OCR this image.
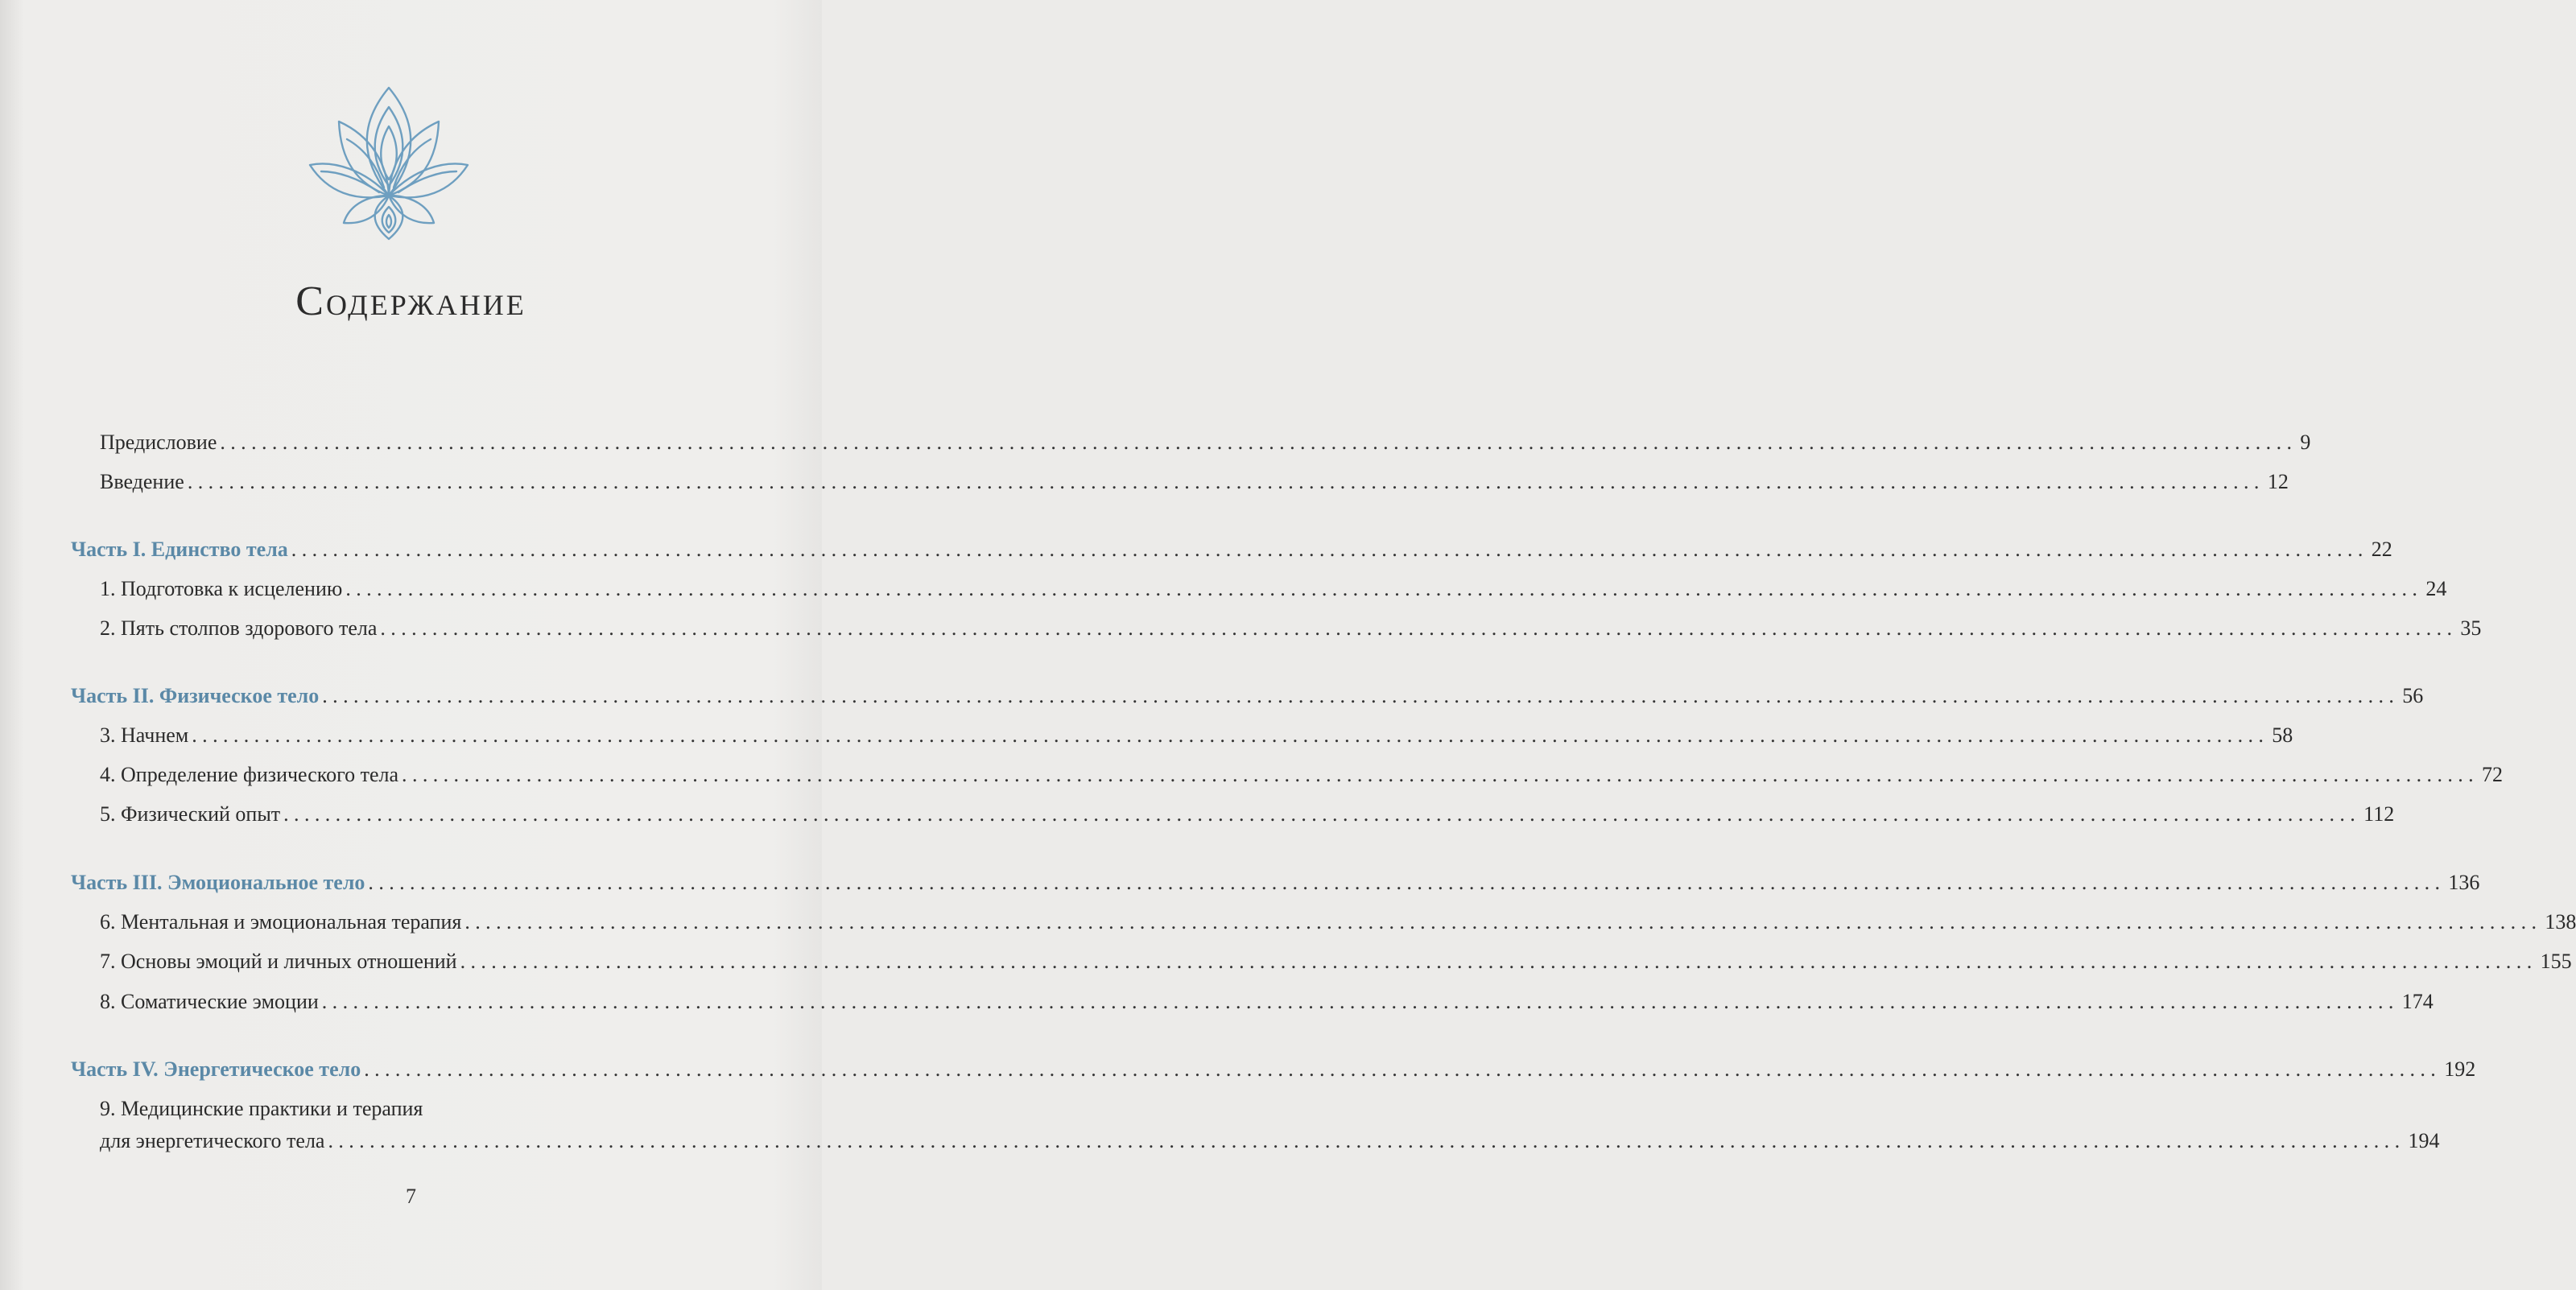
Содержание
Предисловие ........................................................................................................................................................................................................ 9
Введение ........................................................................................................................................................................................................ 12
Часть I. Единство тела ........................................................................................................................................................................................................ 22
1. Подготовка к исцелению ........................................................................................................................................................................................................ 24
2. Пять столпов здорового тела ........................................................................................................................................................................................................ 35
Часть II. Физическое тело ........................................................................................................................................................................................................ 56
3. Начнем ........................................................................................................................................................................................................ 58
4. Определение физического тела ........................................................................................................................................................................................................ 72
5. Физический опыт ........................................................................................................................................................................................................ 112
Часть III. Эмоциональное тело ........................................................................................................................................................................................................ 136
6. Ментальная и эмоциональная терапия ........................................................................................................................................................................................................ 138
7. Основы эмоций и личных отношений ........................................................................................................................................................................................................ 155
8. Соматические эмоции ........................................................................................................................................................................................................ 174
Часть IV. Энергетическое тело ........................................................................................................................................................................................................ 192
9. Медицинские практики и терапия
для энергетического тела ........................................................................................................................................................................................................ 194
7
